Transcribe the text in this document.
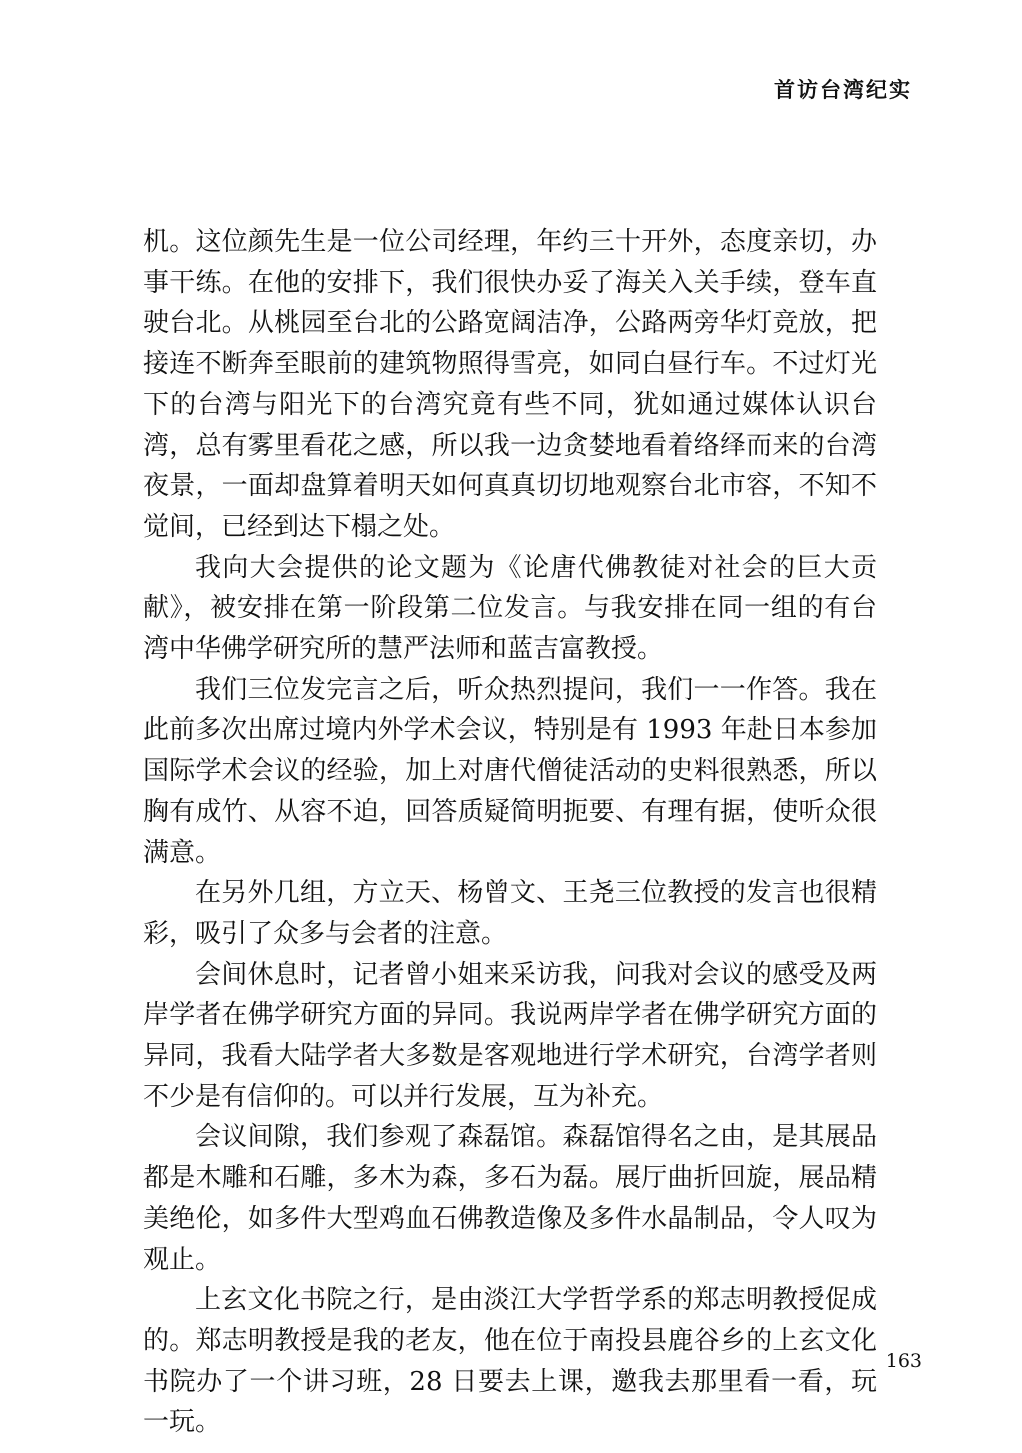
首访台湾纪实

机。这位颜先生是一位公司经理，年约三十开外，态度亲切，办事干练。在他的安排下，我们很快办妥了海关入关手续，登车直驶台北。从桃园至台北的公路宽阔洁净，公路两旁华灯竞放，把接连不断奔至眼前的建筑物照得雪亮，如同白昼行车。不过灯光下的台湾与阳光下的台湾究竟有些不同，犹如通过媒体认识台湾，总有雾里看花之感，所以我一边贪婪地看着络绎而来的台湾夜景，一面却盘算着明天如何真真切切地观察台北市容，不知不觉间，已经到达下榻之处。

我向大会提供的论文题为《论唐代佛教徒对社会的巨大贡献》，被安排在第一阶段第二位发言。与我安排在同一组的有台湾中华佛学研究所的慧严法师和蓝吉富教授。

我们三位发完言之后，听众热烈提问，我们一一作答。我在此前多次出席过境内外学术会议，特别是有 1993 年赴日本参加国际学术会议的经验，加上对唐代僧徒活动的史料很熟悉，所以胸有成竹、从容不迫，回答质疑简明扼要、有理有据，使听众很满意。

在另外几组，方立天、杨曾文、王尧三位教授的发言也很精彩，吸引了众多与会者的注意。

会间休息时，记者曾小姐来采访我，问我对会议的感受及两岸学者在佛学研究方面的异同。我说两岸学者在佛学研究方面的异同，我看大陆学者大多数是客观地进行学术研究，台湾学者则不少是有信仰的。可以并行发展，互为补充。

会议间隙，我们参观了森磊馆。森磊馆得名之由，是其展品都是木雕和石雕，多木为森，多石为磊。展厅曲折回旋，展品精美绝伦，如多件大型鸡血石佛教造像及多件水晶制品，令人叹为观止。

上玄文化书院之行，是由淡江大学哲学系的郑志明教授促成的。郑志明教授是我的老友，他在位于南投县鹿谷乡的上玄文化书院办了一个讲习班，28 日要去上课，邀我去那里看一看，玩一玩。

163
